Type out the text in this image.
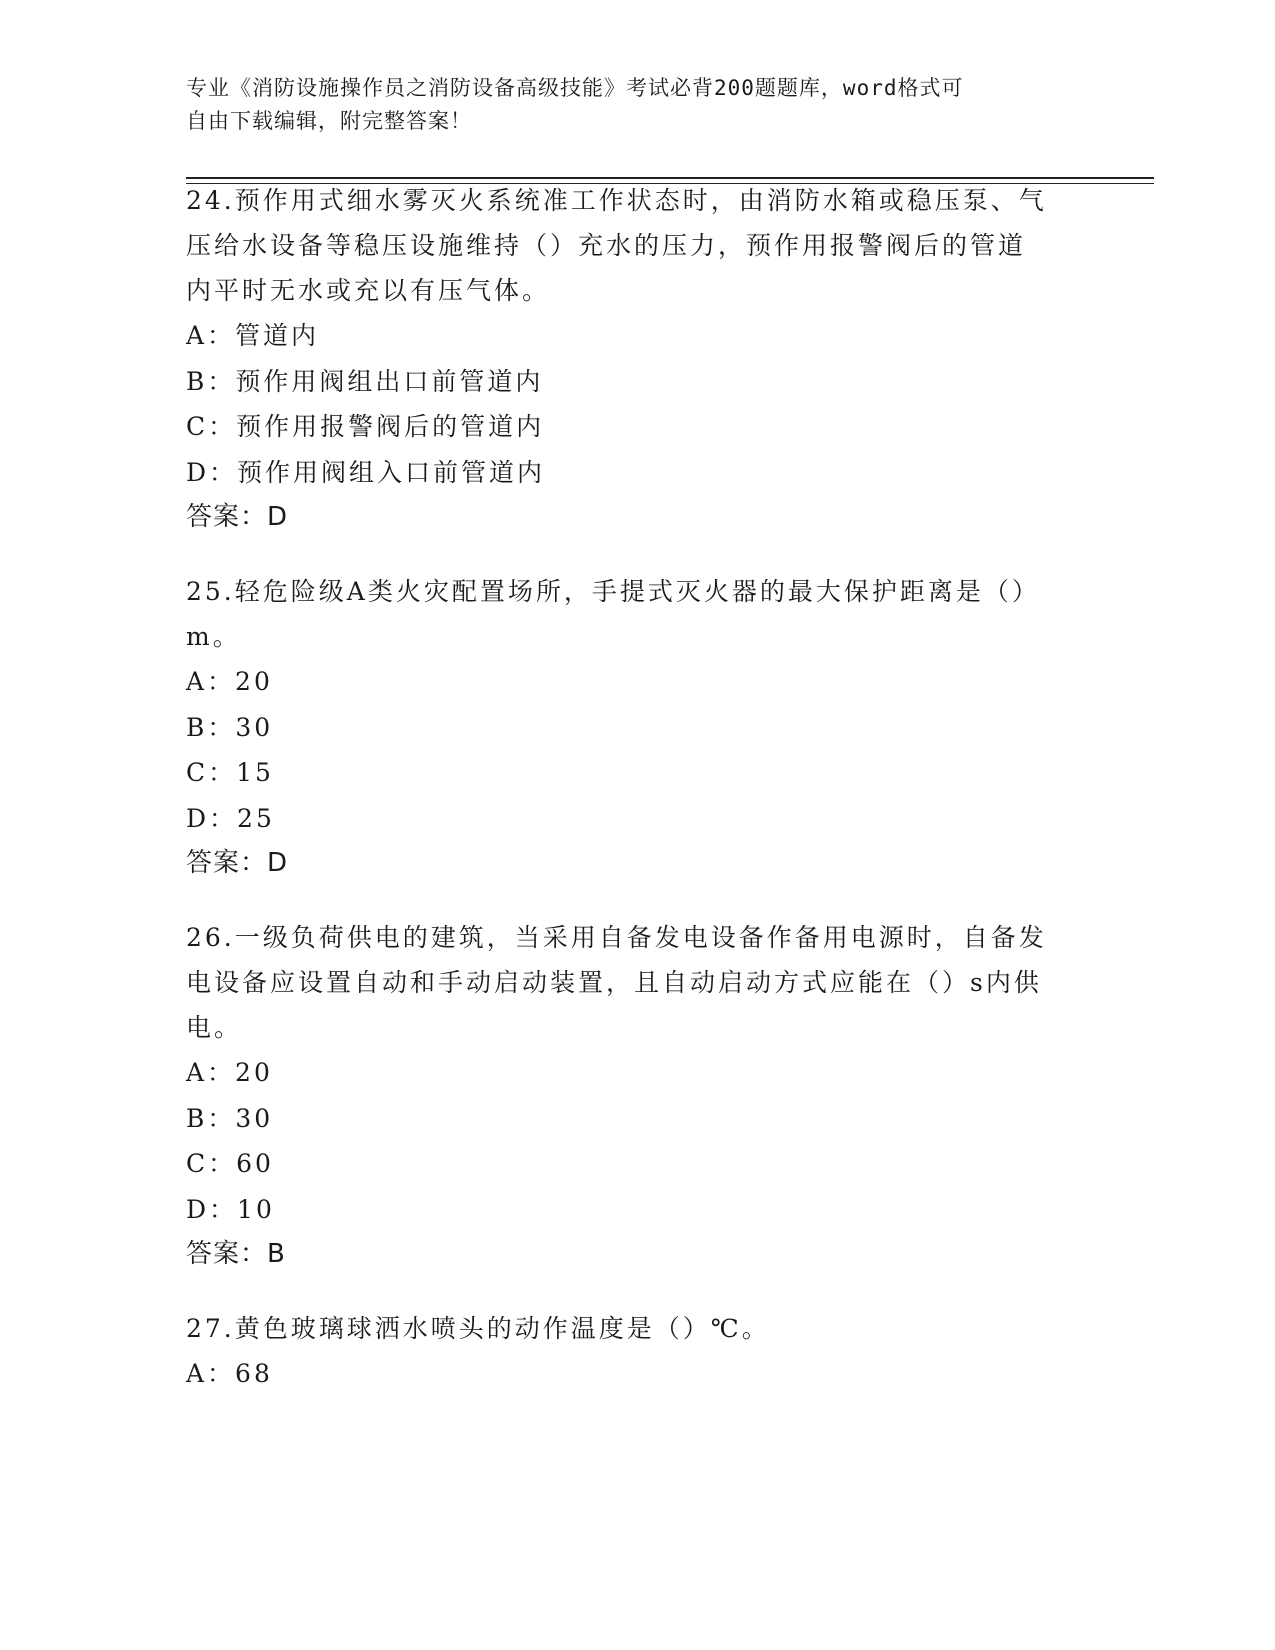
专业《消防设施操作员之消防设备高级技能》考试必背200题题库，word格式可
自由下载编辑，附完整答案！
24.预作用式细水雾灭火系统准工作状态时，由消防水箱或稳压泵、气
压给水设备等稳压设施维持（）充水的压力，预作用报警阀后的管道
内平时无水或充以有压气体。
A：管道内
B：预作用阀组出口前管道内
C：预作用报警阀后的管道内
D：预作用阀组入口前管道内
答案：D
25.轻危险级A类火灾配置场所，手提式灭火器的最大保护距离是（）
m。
A：20
B：30
C：15
D：25
答案：D
26.一级负荷供电的建筑，当采用自备发电设备作备用电源时，自备发
电设备应设置自动和手动启动装置，且自动启动方式应能在（）s内供
电。
A：20
B：30
C：60
D：10
答案：B
27.黄色玻璃球洒水喷头的动作温度是（）℃。
A：68
